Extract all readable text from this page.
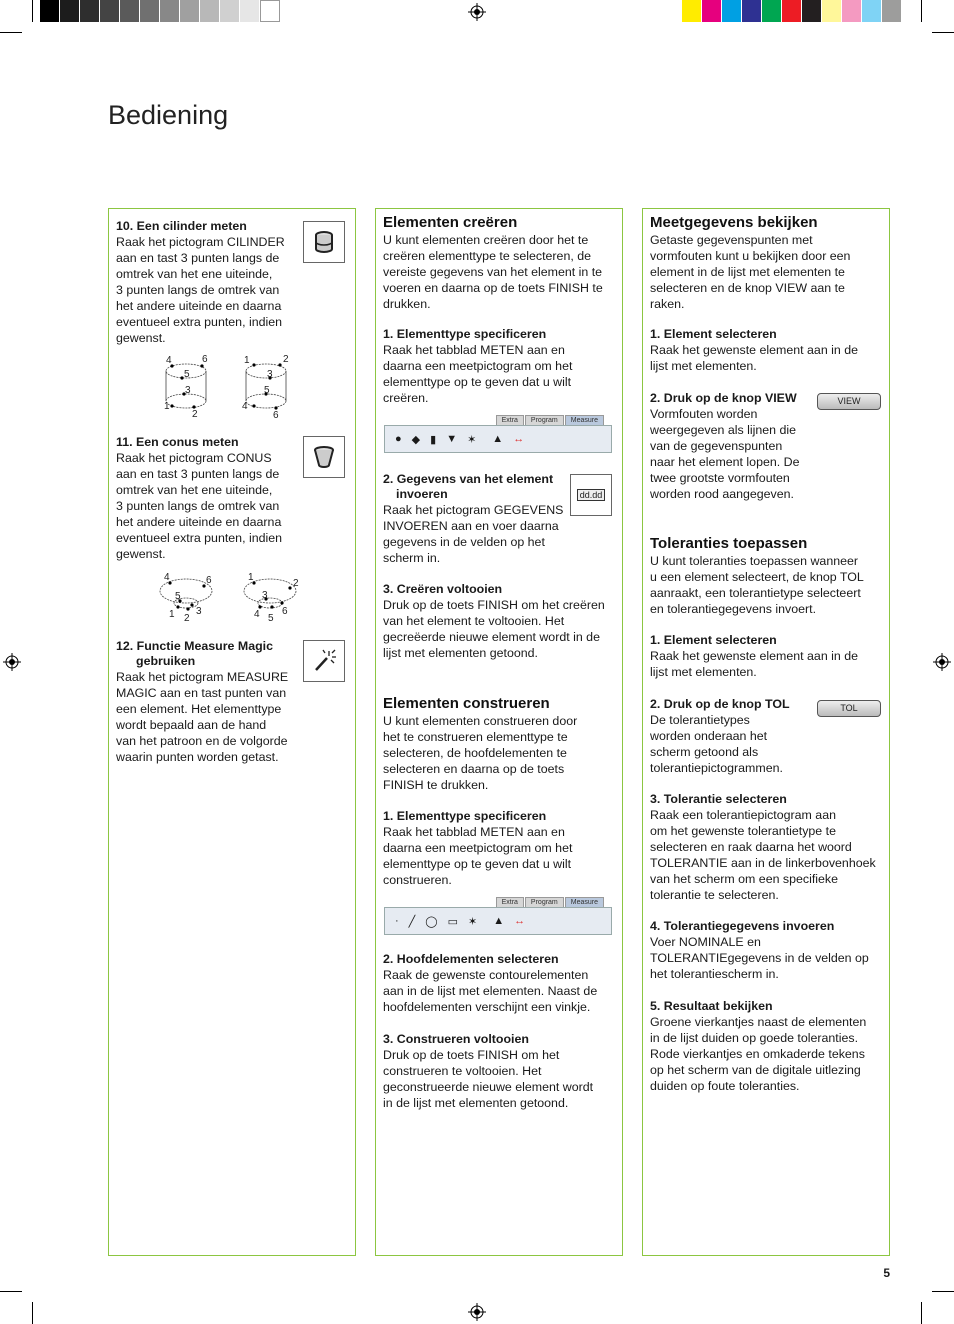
Bediening
10. Een cilinder meten
Raak het pictogram CILINDER
aan en tast 3 punten langs de
omtrek van het ene uiteinde,
3 punten langs de omtrek van
het andere uiteinde en daarna
eventueel extra punten, indien
gewenst.
4	6
5
3
1
2
1	2
3
5
4
6
11. Een conus meten
Raak het pictogram CONUS
aan en tast 3 punten langs de
omtrek van het ene uiteinde,
3 punten langs de omtrek van
het andere uiteinde en daarna
eventueel extra punten, indien
gewenst.
4	6
5
1 3
2
1
2
3
6
4 5
12. Functie Measure Magic
gebruiken
Raak het pictogram MEASURE
MAGIC aan en tast punten van
een element. Het elementtype
wordt bepaald aan de hand
van het patroon en de volgorde
waarin punten worden getast.
Elementen creëren
U kunt elementen creëren door het te
creëren elementtype te selecteren, de
vereiste gegevens van het element in te
voeren en daarna op de toets FINISH te
drukken.
1. Elementtype specificeren
Raak het tabblad METEN aan en
daarna een meetpictogram om het
elementtype op te geven dat u wilt
creëren.
Extra	Program	Measure
● ◆ ▮ ▼ ✶ ▲ ↔
2. Gegevens van het element
invoeren
Raak het pictogram GEGEVENS
INVOEREN aan en voer daarna
gegevens in de velden op het
scherm in.
dd.dd
3. Creëren voltooien
Druk op de toets FINISH om het creëren
van het element te voltooien. Het
gecreëerde nieuwe element wordt in de
lijst met elementen getoond.
Elementen construeren
U kunt elementen construeren door
het te construeren elementtype te
selecteren, de hoofdelementen te
selecteren en daarna op de toets
FINISH te drukken.
1. Elementtype specificeren
Raak het tabblad METEN aan en
daarna een meetpictogram om het
elementtype op te geven dat u wilt
construeren.
Extra	Program	Measure
· ╱ ◯ ▭ ✶ ▲ ↔
2. Hoofdelementen selecteren
Raak de gewenste contourelementen
aan in de lijst met elementen. Naast de
hoofdelementen verschijnt een vinkje.
3. Construeren voltooien
Druk op de toets FINISH om het
construeren te voltooien. Het
geconstrueerde nieuwe element wordt
in de lijst met elementen getoond.
Meetgegevens bekijken
Getaste gegevenspunten met
vormfouten kunt u bekijken door een
element in de lijst met elementen te
selecteren en de knop VIEW aan te
raken.
1. Element selecteren
Raak het gewenste element aan in de
lijst met elementen.
2. Druk op de knop VIEW
Vormfouten worden
weergegeven als lijnen die
van de gegevenspunten
naar het element lopen. De
twee grootste vormfouten
worden rood aangegeven.
VIEW
Toleranties toepassen
U kunt toleranties toepassen wanneer
u een element selecteert, de knop TOL
aanraakt, een tolerantietype selecteert
en tolerantiegegevens invoert.
1. Element selecteren
Raak het gewenste element aan in de
lijst met elementen.
2. Druk op de knop TOL
De tolerantietypes
worden onderaan het
scherm getoond als
tolerantiepictogrammen.
TOL
3. Tolerantie selecteren
Raak een tolerantiepictogram aan
om het gewenste tolerantietype te
selecteren en raak daarna het woord
TOLERANTIE aan in de linkerbovenhoek
van het scherm om een specifieke
tolerantie te selecteren.
4. Tolerantiegegevens invoeren
Voer NOMINALE en
TOLERANTIEgegevens in de velden op
het tolerantiescherm in.
5. Resultaat bekijken
Groene vierkantjes naast de elementen
in de lijst duiden op goede toleranties.
Rode vierkantjes en omkaderde tekens
op het scherm van de digitale uitlezing
duiden op foute toleranties.
5
